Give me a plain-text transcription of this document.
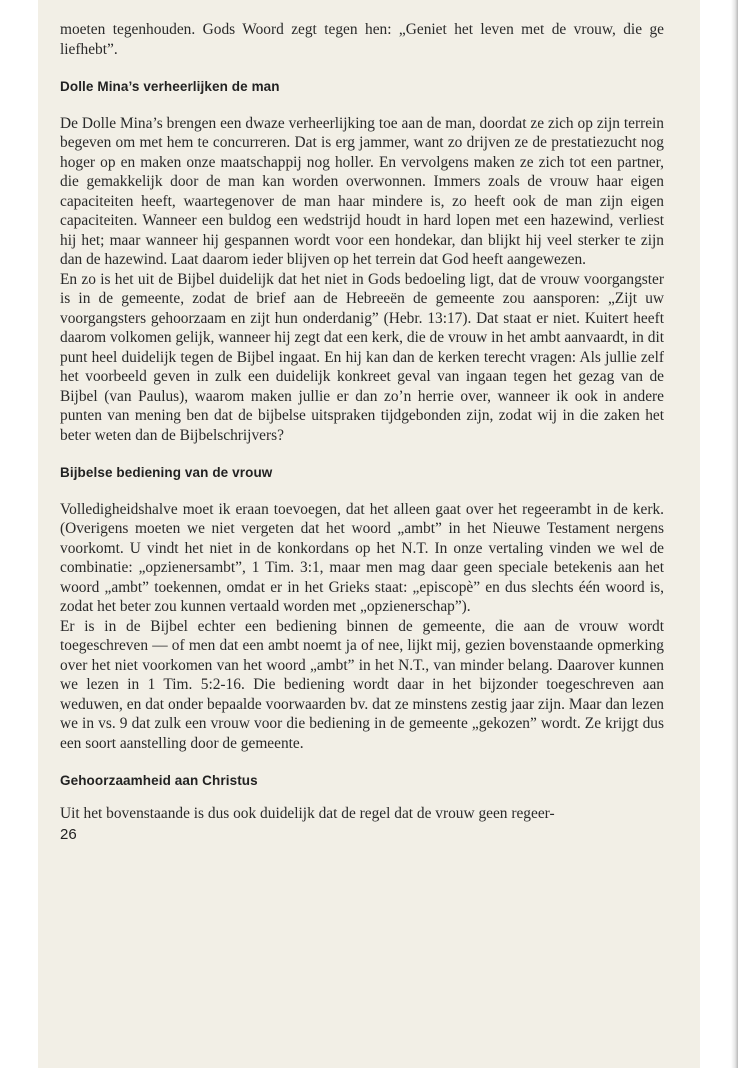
moeten tegenhouden. Gods Woord zegt tegen hen: „Geniet het leven met de vrouw, die ge liefhebt”.

Dolle Mina’s verheerlijken de man

De Dolle Mina’s brengen een dwaze verheerlijking toe aan de man, doordat ze zich op zijn terrein begeven om met hem te concurreren. Dat is erg jammer, want zo drijven ze de prestatiezucht nog hoger op en maken onze maatschappij nog holler. En vervolgens maken ze zich tot een partner, die gemakkelijk door de man kan worden overwonnen. Immers zoals de vrouw haar eigen capaciteiten heeft, waartegenover de man haar mindere is, zo heeft ook de man zijn eigen capaciteiten. Wanneer een buldog een wedstrijd houdt in hard lopen met een hazewind, verliest hij het; maar wanneer hij gespannen wordt voor een hondekar, dan blijkt hij veel sterker te zijn dan de hazewind. Laat daarom ieder blijven op het terrein dat God heeft aangewezen.

En zo is het uit de Bijbel duidelijk dat het niet in Gods bedoeling ligt, dat de vrouw voorgangster is in de gemeente, zodat de brief aan de Hebreeën de gemeente zou aansporen: „Zijt uw voorgangsters gehoorzaam en zijt hun onderdanig” (Hebr. 13:17). Dat staat er niet. Kuitert heeft daarom volkomen gelijk, wanneer hij zegt dat een kerk, die de vrouw in het ambt aanvaardt, in dit punt heel duidelijk tegen de Bijbel ingaat. En hij kan dan de kerken terecht vragen: Als jullie zelf het voorbeeld geven in zulk een duidelijk konkreet geval van ingaan tegen het gezag van de Bijbel (van Paulus), waarom maken jullie er dan zo’n herrie over, wanneer ik ook in andere punten van mening ben dat de bijbelse uitspraken tijdgebonden zijn, zodat wij in die zaken het beter weten dan de Bijbelschrijvers?

Bijbelse bediening van de vrouw

Volledigheidshalve moet ik eraan toevoegen, dat het alleen gaat over het regeerambt in de kerk. (Overigens moeten we niet vergeten dat het woord „ambt” in het Nieuwe Testament nergens voorkomt. U vindt het niet in de konkordans op het N.T. In onze vertaling vinden we wel de combinatie: „opzienersambt”, 1 Tim. 3:1, maar men mag daar geen speciale betekenis aan het woord „ambt” toekennen, omdat er in het Grieks staat: „episcopè” en dus slechts één woord is, zodat het beter zou kunnen vertaald worden met „opzienerschap”).

Er is in de Bijbel echter een bediening binnen de gemeente, die aan de vrouw wordt toegeschreven — of men dat een ambt noemt ja of nee, lijkt mij, gezien bovenstaande opmerking over het niet voorkomen van het woord „ambt” in het N.T., van minder belang. Daarover kunnen we lezen in 1 Tim. 5:2-16. Die bediening wordt daar in het bijzonder toegeschreven aan weduwen, en dat onder bepaalde voorwaarden bv. dat ze minstens zestig jaar zijn. Maar dan lezen we in vs. 9 dat zulk een vrouw voor die bediening in de gemeente „gekozen” wordt. Ze krijgt dus een soort aanstelling door de gemeente.

Gehoorzaamheid aan Christus

Uit het bovenstaande is dus ook duidelijk dat de regel dat de vrouw geen regeer-

26
